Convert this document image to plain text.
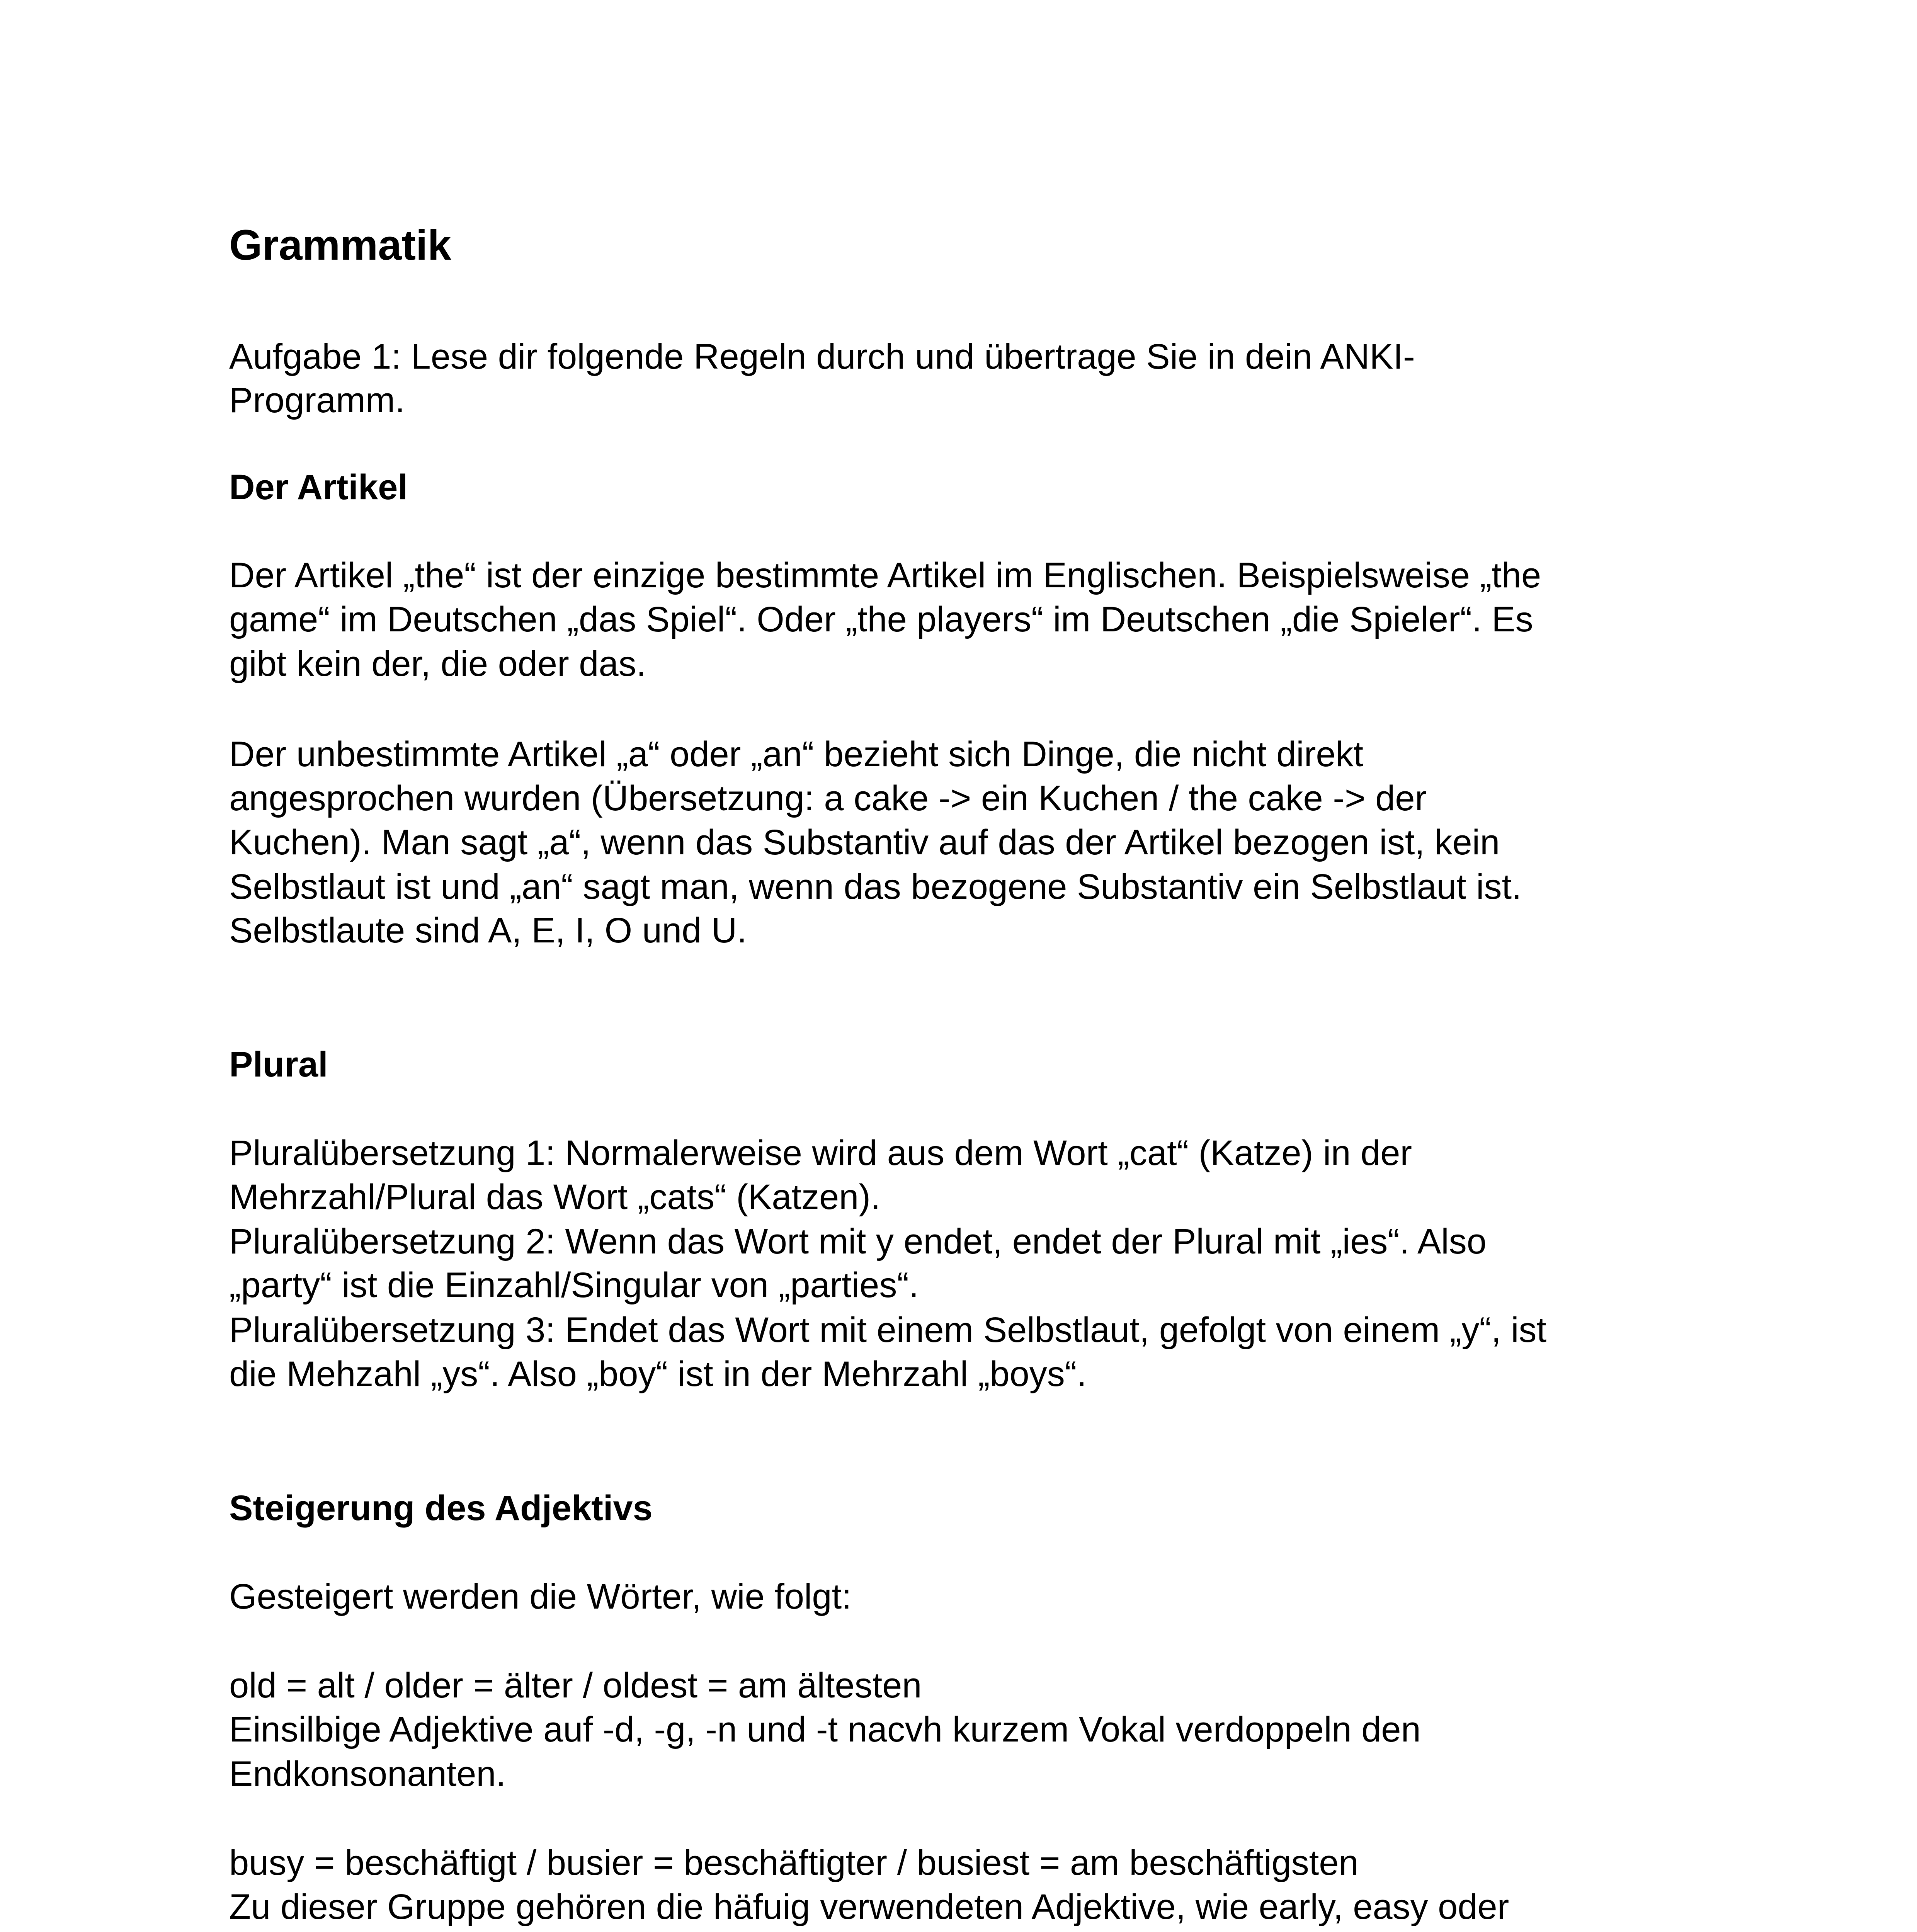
Grammatik

Aufgabe 1: Lese dir folgende Regeln durch und übertrage Sie in dein ANKI-

Programm.

Der Artikel

Der Artikel „the“ ist der einzige bestimmte Artikel im Englischen. Beispielsweise „the

game“ im Deutschen „das Spiel“. Oder „the players“ im Deutschen „die Spieler“. Es

gibt kein der, die oder das.

Der unbestimmte Artikel „a“ oder „an“ bezieht sich Dinge, die nicht direkt

angesprochen wurden (Übersetzung: a cake -> ein Kuchen / the cake -> der

Kuchen). Man sagt „a“, wenn das Substantiv auf das der Artikel bezogen ist, kein

Selbstlaut ist und „an“ sagt man, wenn das bezogene Substantiv ein Selbstlaut ist.

Selbstlaute sind A, E, I, O und U.

Plural

Pluralübersetzung 1: Normalerweise wird aus dem Wort „cat“ (Katze) in der

Mehrzahl/Plural das Wort „cats“ (Katzen).

Pluralübersetzung 2: Wenn das Wort mit y endet, endet der Plural mit „ies“. Also

„party“ ist die Einzahl/Singular von „parties“.

Pluralübersetzung 3: Endet das Wort mit einem Selbstlaut, gefolgt von einem „y“, ist

die Mehzahl „ys“. Also „boy“ ist in der Mehrzahl „boys“.

Steigerung des Adjektivs

Gesteigert werden die Wörter, wie folgt:

old = alt / older = älter / oldest = am ältesten

Einsilbige Adjektive auf -d, -g, -n und -t nacvh kurzem Vokal verdoppeln den

Endkonsonanten.

busy = beschäftigt / busier = beschäftigter / busiest = am beschäftigsten

Zu dieser Gruppe gehören die häfuig verwendeten Adjektive, wie early, easy oder
